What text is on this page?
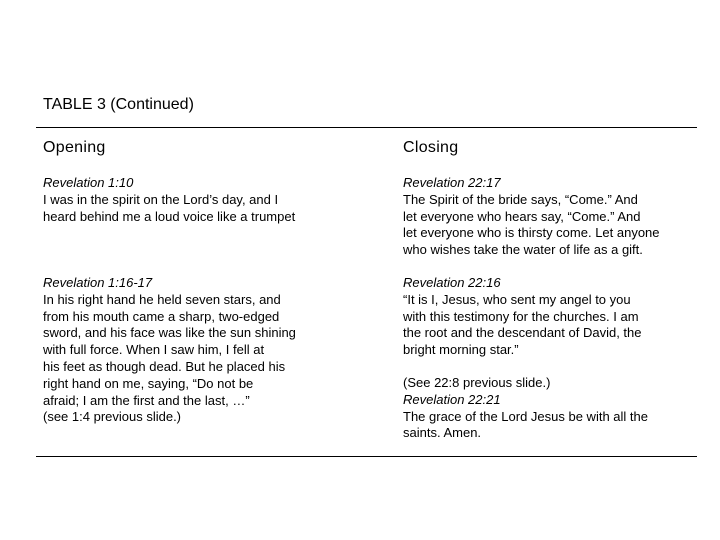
TABLE 3 (Continued)
Opening	Closing
Revelation 1:10
I was in the spirit on the Lord’s day, and I
heard behind me a loud voice like a trumpet
Revelation 1:16-17
In his right hand he held seven stars, and
from his mouth came a sharp, two-edged
sword, and his face was like the sun shining
with full force. When I saw him, I fell at
his feet as though dead. But he placed his
right hand on me, saying, “Do not be
afraid; I am the first and the last, …”
(see 1:4 previous slide.)
Revelation 22:17
The Spirit of the bride says, “Come.” And
let everyone who hears say, “Come.” And
let everyone who is thirsty come. Let anyone
who wishes take the water of life as a gift.
Revelation 22:16
“It is I, Jesus, who sent my angel to you
with this testimony for the churches. I am
the root and the descendant of David, the
bright morning star.”
(See 22:8 previous slide.)
Revelation 22:21
The grace of the Lord Jesus be with all the
saints. Amen.
